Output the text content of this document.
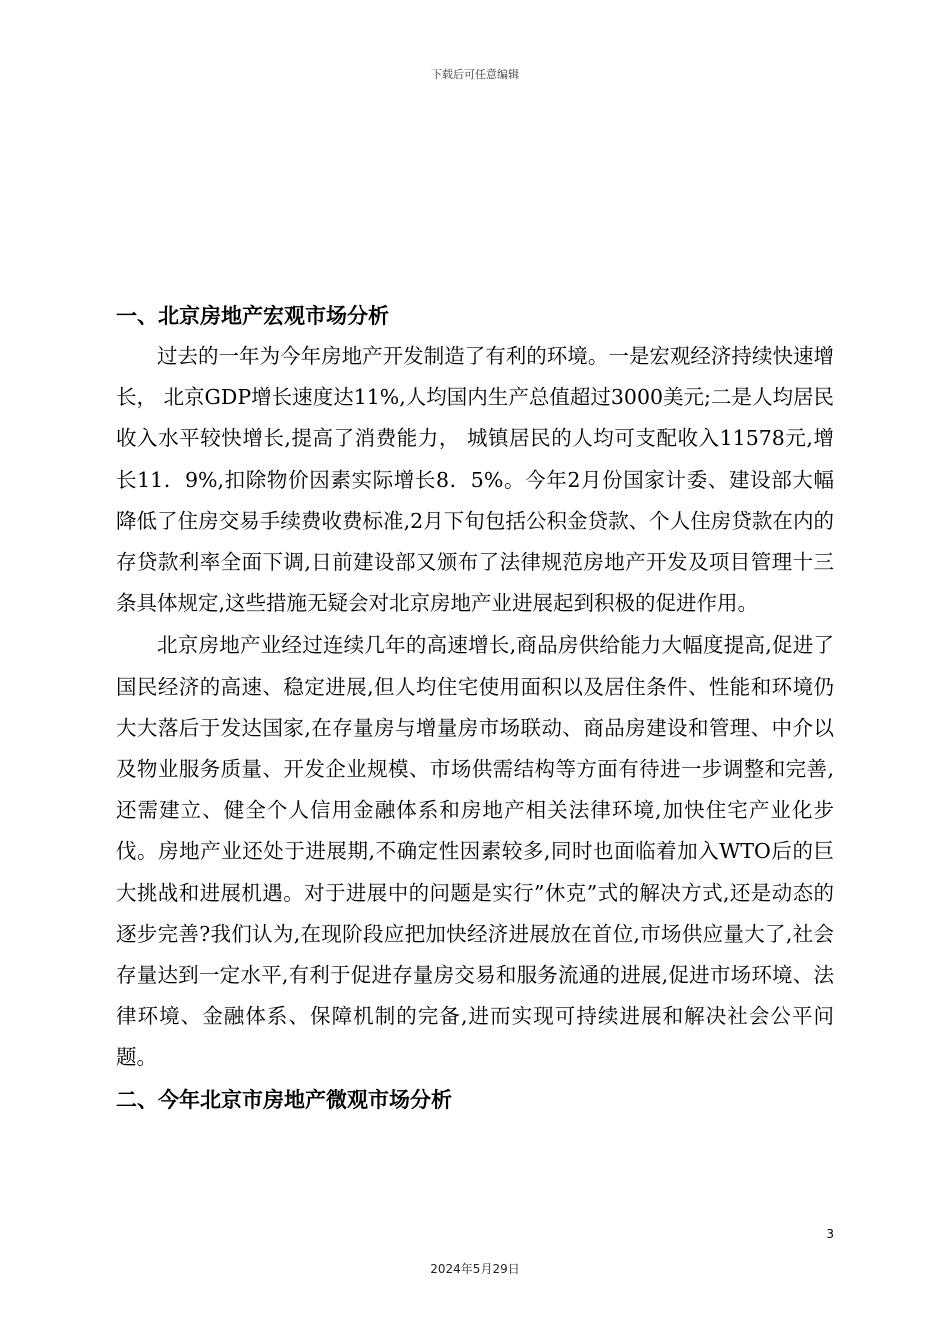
下载后可任意编辑
一、北京房地产宏观市场分析

过去的一年为今年房地产开发制造了有利的环境。一是宏观经济持续快速增长， 北京GDP增长速度达11%,人均国内生产总值超过3000美元;二是人均居民收入水平较快增长,提高了消费能力， 城镇居民的人均可支配收入11578元,增长11．9%,扣除物价因素实际增长8．5%。今年2月份国家计委、建设部大幅降低了住房交易手续费收费标准,2月下旬包括公积金贷款、个人住房贷款在内的存贷款利率全面下调,日前建设部又颁布了法律规范房地产开发及项目管理十三条具体规定,这些措施无疑会对北京房地产业进展起到积极的促进作用。

北京房地产业经过连续几年的高速增长,商品房供给能力大幅度提高,促进了国民经济的高速、稳定进展,但人均住宅使用面积以及居住条件、性能和环境仍大大落后于发达国家,在存量房与增量房市场联动、商品房建设和管理、中介以及物业服务质量、开发企业规模、市场供需结构等方面有待进一步调整和完善,还需建立、健全个人信用金融体系和房地产相关法律环境,加快住宅产业化步伐。房地产业还处于进展期,不确定性因素较多,同时也面临着加入WTO后的巨大挑战和进展机遇。对于进展中的问题是实行”休克”式的解决方式,还是动态的逐步完善?我们认为,在现阶段应把加快经济进展放在首位,市场供应量大了,社会存量达到一定水平,有利于促进存量房交易和服务流通的进展,促进市场环境、法律环境、金融体系、保障机制的完备,进而实现可持续进展和解决社会公平问题。

二、今年北京市房地产微观市场分析
3
2024年5月29日
